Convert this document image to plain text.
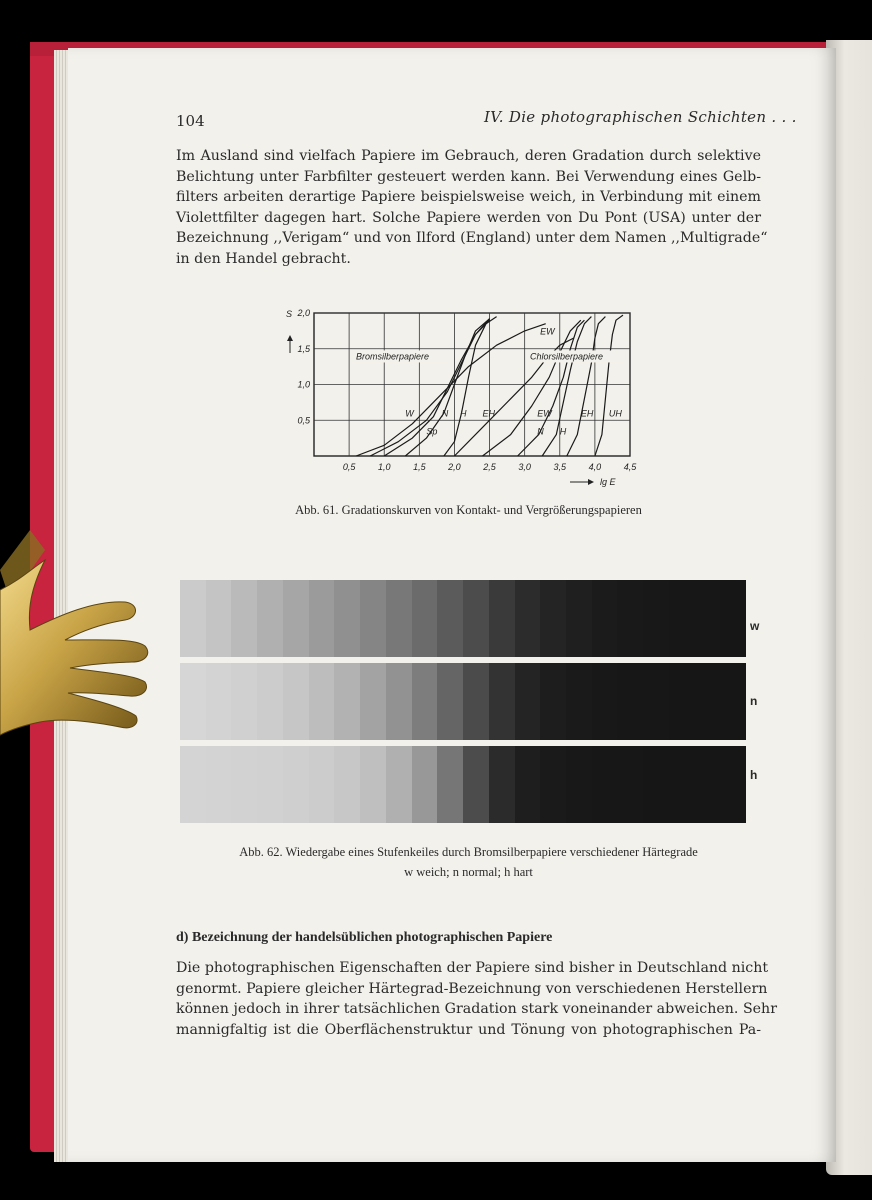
104	IV. Die photographischen Schichten . . .
Im Ausland sind vielfach Papiere im Gebrauch, deren Gradation durch selektive
Belichtung unter Farbfilter gesteuert werden kann. Bei Verwendung eines Gelb-
filters arbeiten derartige Papiere beispielsweise weich, in Verbindung mit einem
Violettfilter dagegen hart. Solche Papiere werden von Du Pont (USA) unter der
Bezeichnung ,,Verigam“ und von Ilford (England) unter dem Namen ,,Multigrade“
in den Handel gebracht.
0,5	1,0	1,5	2,0	2,5	3,0	3,5	4,0	4,5
0,5
1,0
1,5
2,0
S
lg E
Bromsilberpapiere	Chlorsilberpapiere
W	N H EH
Sp
EW
EW
N H
EH UH
Abb. 61. Gradationskurven von Kontakt- und Vergrößerungspapieren
w
n
h
Abb. 62. Wiedergabe eines Stufenkeiles durch Bromsilberpapiere verschiedener Härtegrade
w weich; n normal; h hart
d) Bezeichnung der handelsüblichen photographischen Papiere
Die photographischen Eigenschaften der Papiere sind bisher in Deutschland nicht
genormt. Papiere gleicher Härtegrad-Bezeichnung von verschiedenen Herstellern
können jedoch in ihrer tatsächlichen Gradation stark voneinander abweichen. Sehr
mannigfaltig ist die Oberflächenstruktur und Tönung von photographischen Pa-
